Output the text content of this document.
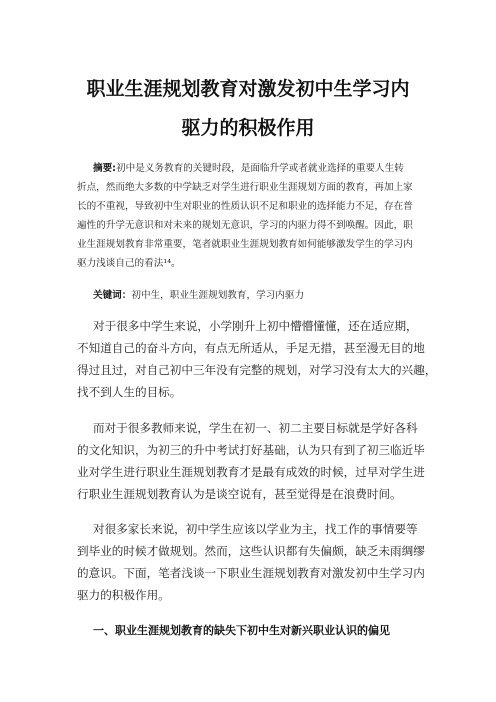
职业生涯规划教育对激发初中生学习内
驱力的积极作用
摘要:初中是义务教育的关键时段，是面临升学或者就业选择的重要人生转
折点，然而绝大多数的中学缺乏对学生进行职业生涯规划方面的教育，再加上家
长的不重视，导致初中生对职业的性质认识不足和职业的选择能力不足，存在普
遍性的升学无意识和对未来的规划无意识，学习的内驱力得不到唤醒。因此，职
业生涯规划教育非常重要，笔者就职业生涯规划教育如何能够激发学生的学习内
驱力浅谈自己的看法¹⁴。
关键词：初中生，职业生涯规划教育，学习内驱力
对于很多中学生来说，小学刚升上初中懵懵懂懂，还在适应期，
不知道自己的奋斗方向，有点无所适从，手足无措，甚至漫无目的地
得过且过，对自己初中三年没有完整的规划，对学习没有太大的兴趣，
找不到人生的目标。
而对于很多教师来说，学生在初一、初二主要目标就是学好各科
的文化知识，为初三的升中考试打好基础，认为只有到了初三临近毕
业对学生进行职业生涯规划教育才是最有成效的时候，过早对学生进
行职业生涯规划教育认为是谈空说有，甚至觉得是在浪费时间。
对很多家长来说，初中学生应该以学业为主，找工作的事情要等
到毕业的时候才做规划。然而，这些认识都有失偏颇，缺乏未雨绸缪
的意识。下面，笔者浅谈一下职业生涯规划教育对激发初中生学习内
驱力的积极作用。
一、职业生涯规划教育的缺失下初中生对新兴职业认识的偏见
